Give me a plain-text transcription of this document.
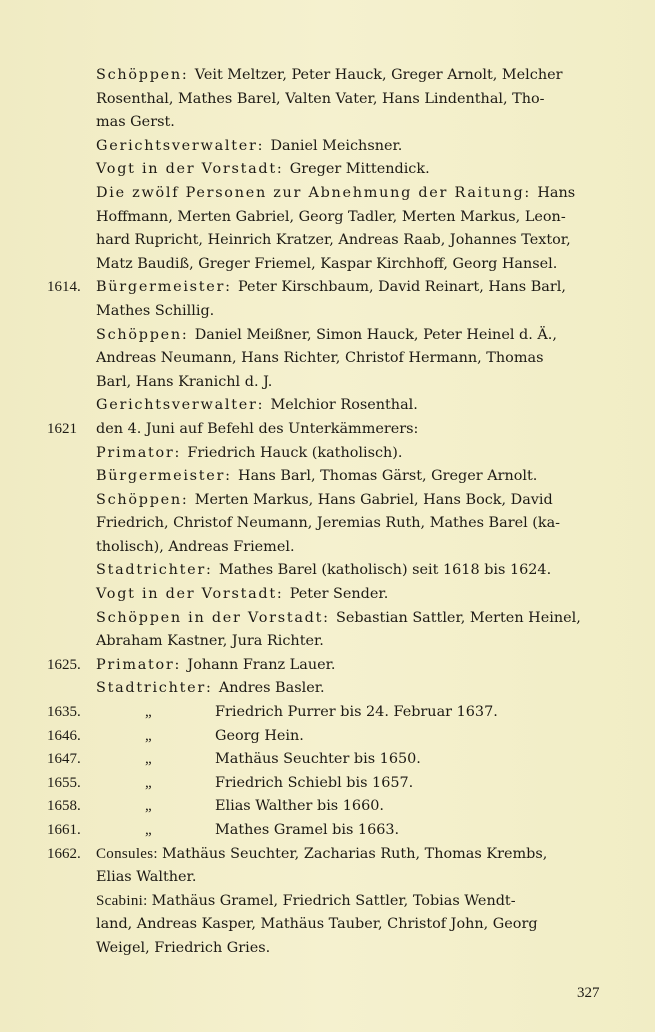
Schöppen: Veit Meltzer, Peter Hauck, Greger Arnolt, Melcher
Rosenthal, Mathes Barel, Valten Vater, Hans Lindenthal, Tho-
mas Gerst.
Gerichtsverwalter: Daniel Meichsner.
Vogt in der Vorstadt: Greger Mittendick.
Die zwölf Personen zur Abnehmung der Raitung: Hans
Hoffmann, Merten Gabriel, Georg Tadler, Merten Markus, Leon-
hard Rupricht, Heinrich Kratzer, Andreas Raab, Johannes Textor,
Matz Baudiß, Greger Friemel, Kaspar Kirchhoff, Georg Hansel.
1614.	Bürgermeister: Peter Kirschbaum, David Reinart, Hans Barl,
Mathes Schillig.
Schöppen: Daniel Meißner, Simon Hauck, Peter Heinel d. Ä.,
Andreas Neumann, Hans Richter, Christof Hermann, Thomas
Barl, Hans Kranichl d. J.
Gerichtsverwalter: Melchior Rosenthal.
1621	den 4. Juni auf Befehl des Unterkämmerers:
Primator: Friedrich Hauck (katholisch).
Bürgermeister: Hans Barl, Thomas Gärst, Greger Arnolt.
Schöppen: Merten Markus, Hans Gabriel, Hans Bock, David
Friedrich, Christof Neumann, Jeremias Ruth, Mathes Barel (ka-
tholisch), Andreas Friemel.
Stadtrichter: Mathes Barel (katholisch) seit 1618 bis 1624.
Vogt in der Vorstadt: Peter Sender.
Schöppen in der Vorstadt: Sebastian Sattler, Merten Heinel,
Abraham Kastner, Jura Richter.
1625.	Primator: Johann Franz Lauer.
Stadtrichter: Andres Basler.
1635.	„	Friedrich Purrer bis 24. Februar 1637.
1646.	„	Georg Hein.
1647.	„	Mathäus Seuchter bis 1650.
1655.	„	Friedrich Schiebl bis 1657.
1658.	„	Elias Walther bis 1660.
1661.	„	Mathes Gramel bis 1663.
1662.	Consules: Mathäus Seuchter, Zacharias Ruth, Thomas Krembs,
Elias Walther.
Scabini: Mathäus Gramel, Friedrich Sattler, Tobias Wendt-
land, Andreas Kasper, Mathäus Tauber, Christof John, Georg
Weigel, Friedrich Gries.
327
